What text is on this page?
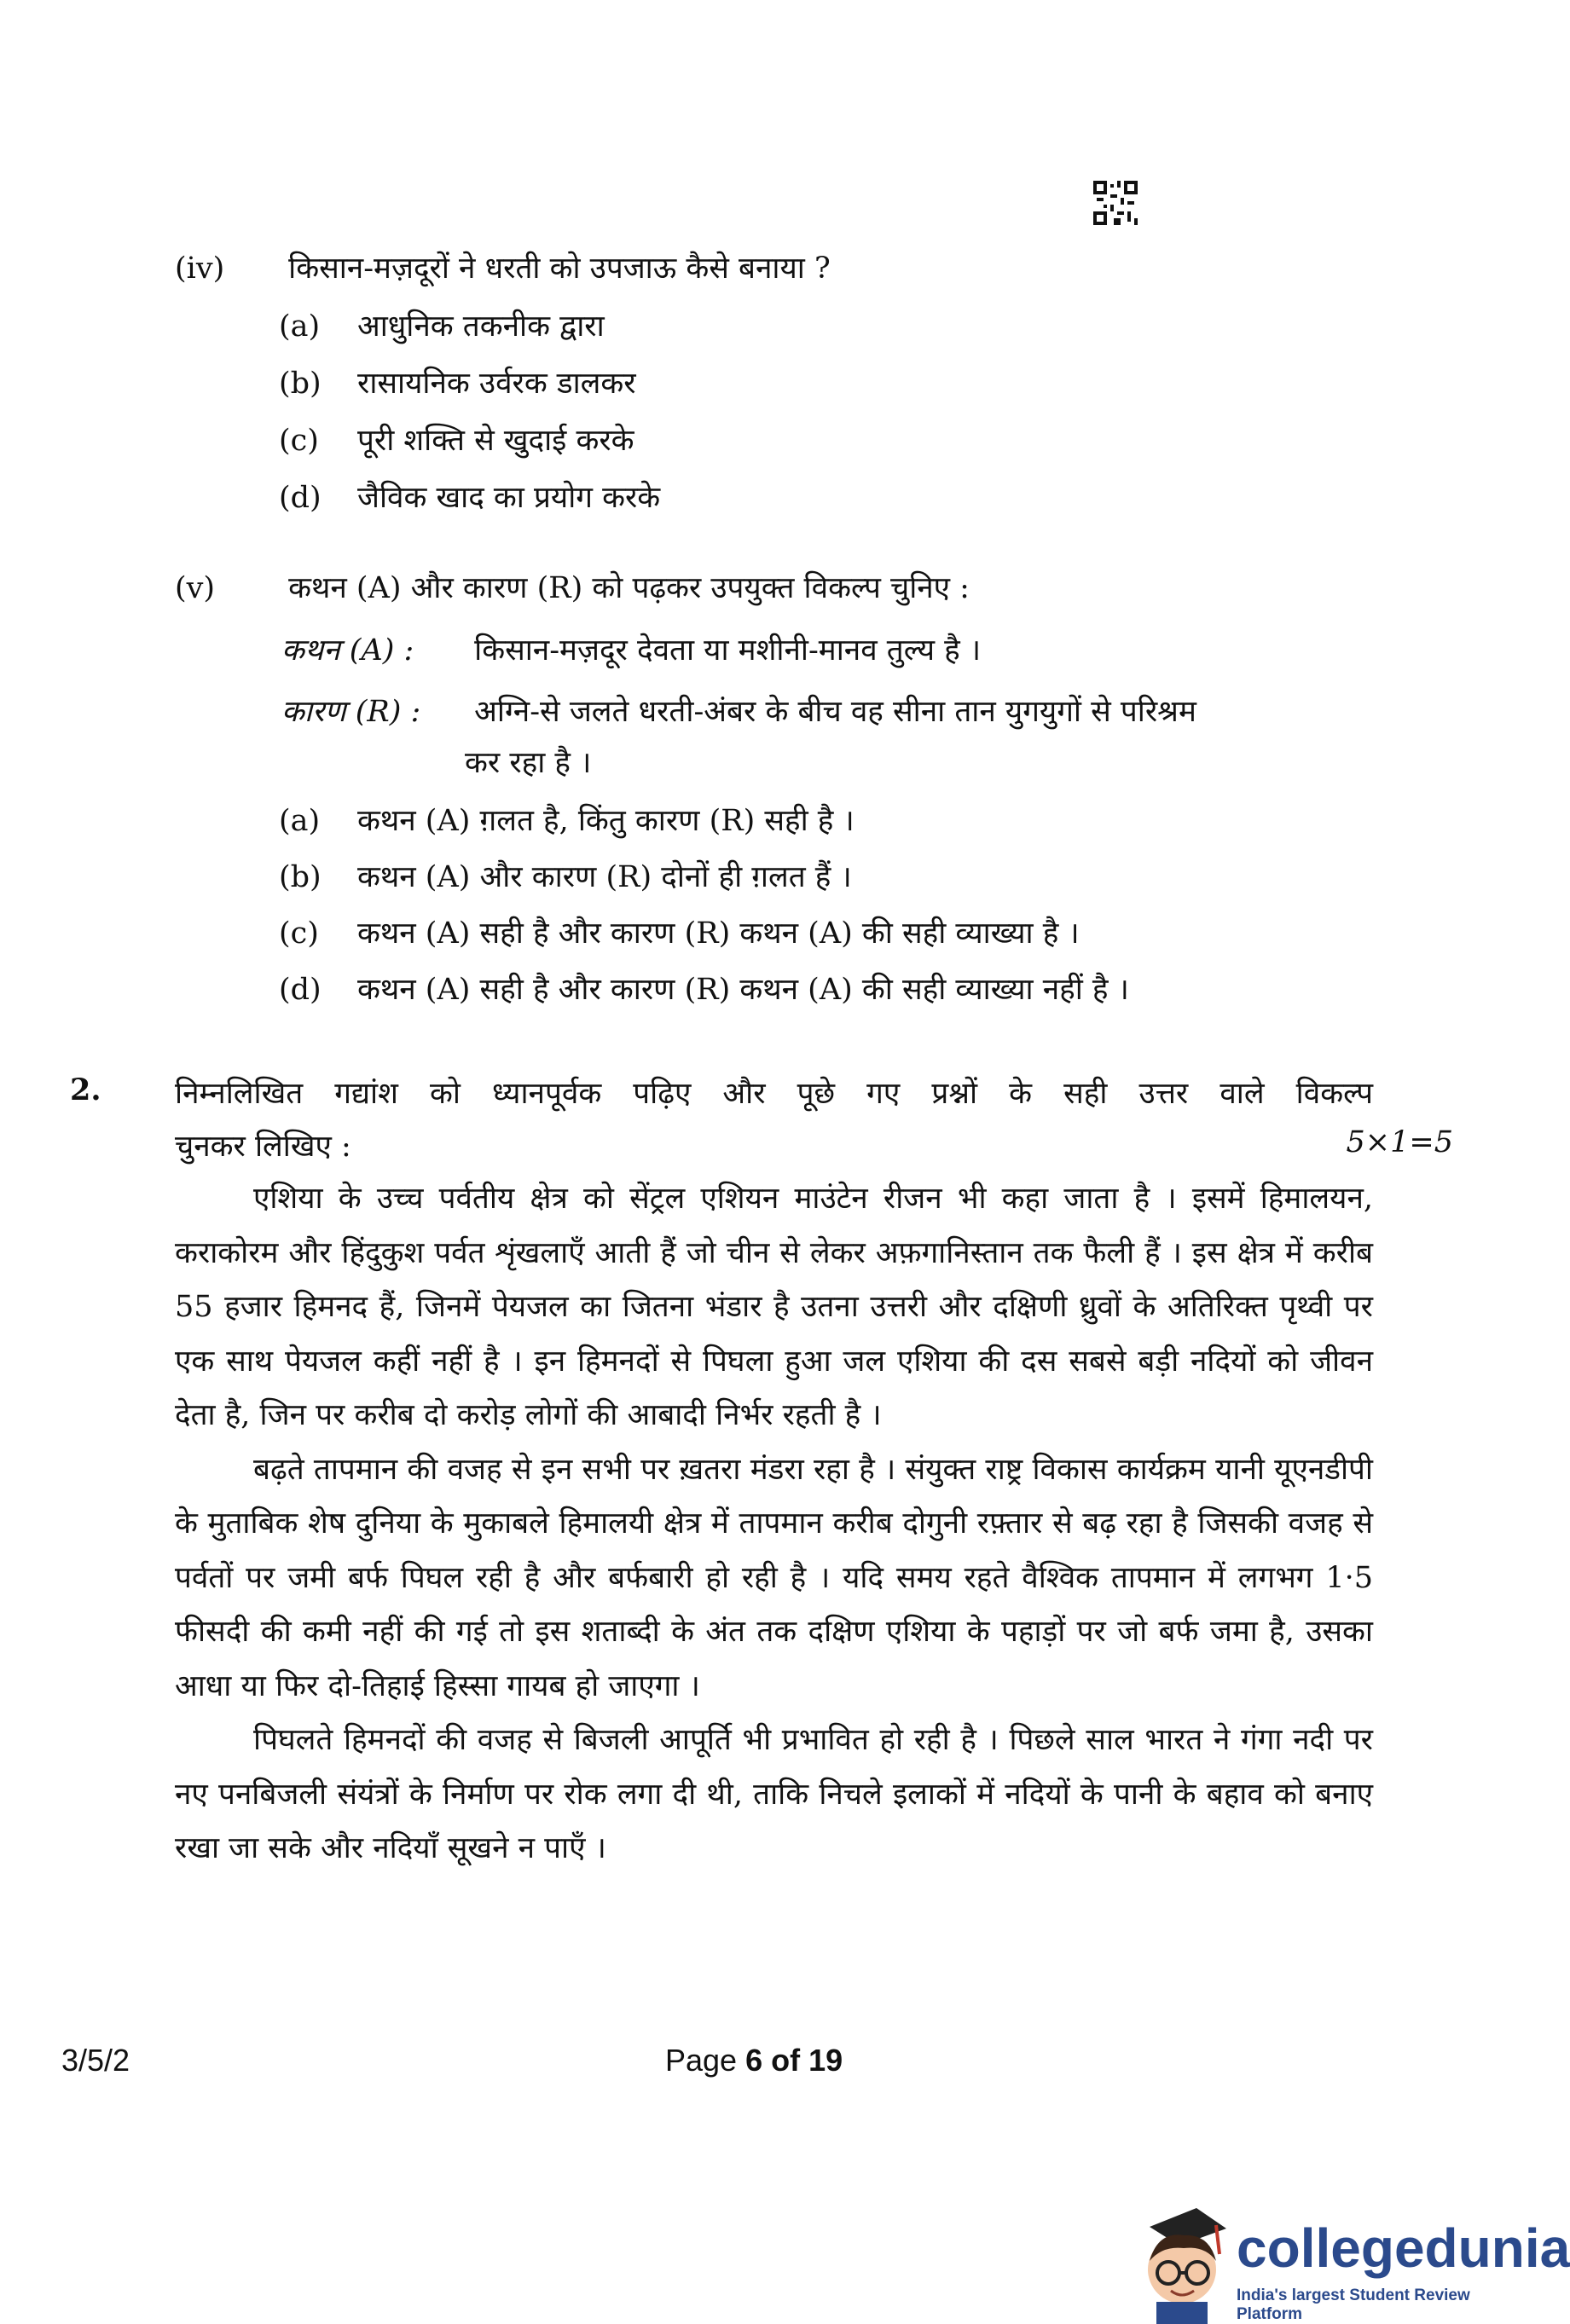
(iv) किसान-मज़दूरों ने धरती को उपजाऊ कैसे बनाया ?
(a) आधुनिक तकनीक द्वारा
(b) रासायनिक उर्वरक डालकर
(c) पूरी शक्ति से खुदाई करके
(d) जैविक खाद का प्रयोग करके
(v) कथन (A) और कारण (R) को पढ़कर उपयुक्त विकल्प चुनिए :
कथन (A) : किसान-मज़दूर देवता या मशीनी-मानव तुल्य है ।
कारण (R) : अग्नि-से जलते धरती-अंबर के बीच वह सीना तान युगयुगों से परिश्रम
कर रहा है ।
(a) कथन (A) ग़लत है, किंतु कारण (R) सही है ।
(b) कथन (A) और कारण (R) दोनों ही ग़लत हैं ।
(c) कथन (A) सही है और कारण (R) कथन (A) की सही व्याख्या है ।
(d) कथन (A) सही है और कारण (R) कथन (A) की सही व्याख्या नहीं है ।
2. निम्नलिखित गद्यांश को ध्यानपूर्वक पढ़िए और पूछे गए प्रश्नों के सही उत्तर वाले विकल्प
चुनकर लिखिए :	5×1=5

एशिया के उच्च पर्वतीय क्षेत्र को सेंट्रल एशियन माउंटेन रीजन भी कहा जाता है । इसमें हिमालयन, कराकोरम और हिंदुकुश पर्वत शृंखलाएँ आती हैं जो चीन से लेकर अफ़गानिस्तान तक फैली हैं । इस क्षेत्र में करीब 55 हजार हिमनद हैं, जिनमें पेयजल का जितना भंडार है उतना उत्तरी और दक्षिणी ध्रुवों के अतिरिक्त पृथ्वी पर एक साथ पेयजल कहीं नहीं है । इन हिमनदों से पिघला हुआ जल एशिया की दस सबसे बड़ी नदियों को जीवन देता है, जिन पर करीब दो करोड़ लोगों की आबादी निर्भर रहती है ।

बढ़ते तापमान की वजह से इन सभी पर ख़तरा मंडरा रहा है । संयुक्त राष्ट्र विकास कार्यक्रम यानी यूएनडीपी के मुताबिक शेष दुनिया के मुकाबले हिमालयी क्षेत्र में तापमान करीब दोगुनी रफ़्तार से बढ़ रहा है जिसकी वजह से पर्वतों पर जमी बर्फ पिघल रही है और बर्फबारी हो रही है । यदि समय रहते वैश्विक तापमान में लगभग 1·5 फीसदी की कमी नहीं की गई तो इस शताब्दी के अंत तक दक्षिण एशिया के पहाड़ों पर जो बर्फ जमा है, उसका आधा या फिर दो-तिहाई हिस्सा गायब हो जाएगा ।

पिघलते हिमनदों की वजह से बिजली आपूर्ति भी प्रभावित हो रही है । पिछले साल भारत ने गंगा नदी पर नए पनबिजली संयंत्रों के निर्माण पर रोक लगा दी थी, ताकि निचले इलाकों में नदियों के पानी के बहाव को बनाए रखा जा सके और नदियाँ सूखने न पाएँ ।

3/5/2	Page 6 of 19
collegedunia
India's largest Student Review Platform
